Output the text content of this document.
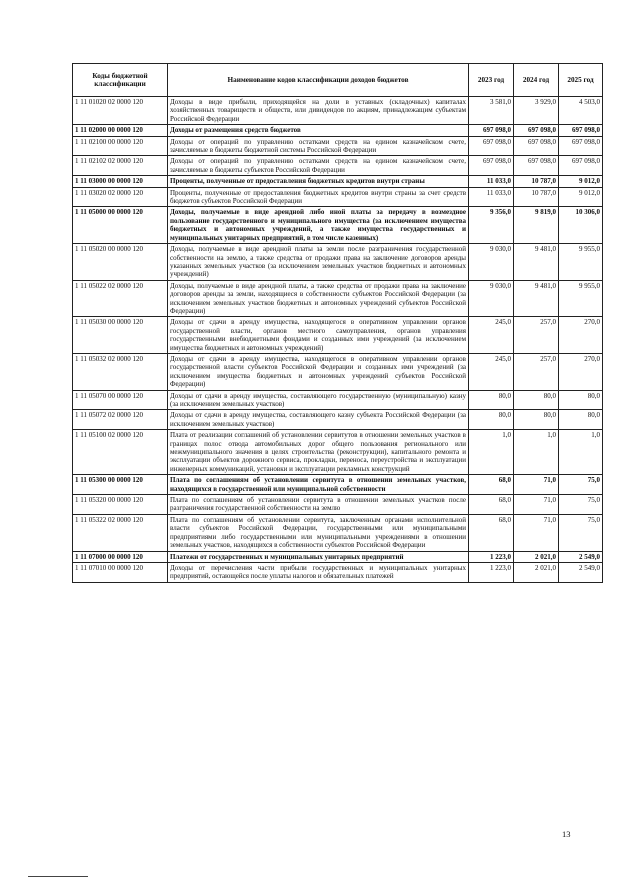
Коды бюджетной классификации	Наименование кодов классификации доходов бюджетов	2023 год	2024 год	2025 год
1 11 01020 02 0000 120	Доходы в виде прибыли, приходящейся на доли в уставных (складочных) капиталах хозяйственных товариществ и обществ, или дивидендов по акциям, принадлежащим субъектам Российской Федерации	3 581,0	3 929,0	4 503,0
1 11 02000 00 0000 120	Доходы от размещения средств бюджетов	697 098,0	697 098,0	697 098,0
1 11 02100 00 0000 120	Доходы от операций по управлению остатками средств на едином казначейском счете, зачисляемые в бюджеты бюджетной системы Российской Федерации	697 098,0	697 098,0	697 098,0
1 11 02102 02 0000 120	Доходы от операций по управлению остатками средств на едином казначейском счете, зачисляемые в бюджеты субъектов Российской Федерации	697 098,0	697 098,0	697 098,0
1 11 03000 00 0000 120	Проценты, полученные от предоставления бюджетных кредитов внутри страны	11 033,0	10 787,0	9 012,0
1 11 03020 02 0000 120	Проценты, полученные от предоставления бюджетных кредитов внутри страны за счет средств бюджетов субъектов Российской Федерации	11 033,0	10 787,0	9 012,0
1 11 05000 00 0000 120	Доходы, получаемые в виде арендной либо иной платы за передачу в возмездное пользование государственного и муниципального имущества (за исключением имущества бюджетных и автономных учреждений, а также имущества государственных и муниципальных унитарных предприятий, в том числе казенных)	9 356,0	9 819,0	10 306,0
1 11 05020 00 0000 120	Доходы, получаемые в виде арендной платы за земли после разграничения государственной собственности на землю, а также средства от продажи права на заключение договоров аренды указанных земельных участков (за исключением земельных участков бюджетных и автономных учреждений)	9 030,0	9 481,0	9 955,0
1 11 05022 02 0000 120	Доходы, получаемые в виде арендной платы, а также средства от продажи права на заключение договоров аренды за земли, находящиеся в собственности субъектов Российской Федерации (за исключением земельных участков бюджетных и автономных учреждений субъектов Российской Федерации)	9 030,0	9 481,0	9 955,0
1 11 05030 00 0000 120	Доходы от сдачи в аренду имущества, находящегося в оперативном управлении органов государственной власти, органов местного самоуправления, органов управления государственными внебюджетными фондами и созданных ими учреждений (за исключением имущества бюджетных и автономных учреждений)	245,0	257,0	270,0
1 11 05032 02 0000 120	Доходы от сдачи в аренду имущества, находящегося в оперативном управлении органов государственной власти субъектов Российской Федерации и созданных ими учреждений (за исключением имущества бюджетных и автономных учреждений субъектов Российской Федерации)	245,0	257,0	270,0
1 11 05070 00 0000 120	Доходы от сдачи в аренду имущества, составляющего государственную (муниципальную) казну (за исключением земельных участков)	80,0	80,0	80,0
1 11 05072 02 0000 120	Доходы от сдачи в аренду имущества, составляющего казну субъекта Российской Федерации (за исключением земельных участков)	80,0	80,0	80,0
1 11 05100 02 0000 120	Плата от реализации соглашений об установлении сервитутов в отношении земельных участков в границах полос отвода автомобильных дорог общего пользования регионального или межмуниципального значения в целях строительства (реконструкции), капитального ремонта и эксплуатации объектов дорожного сервиса, прокладки, переноса, переустройства и эксплуатации инженерных коммуникаций, установки и эксплуатации рекламных конструкций	1,0	1,0	1,0
1 11 05300 00 0000 120	Плата по соглашениям об установлении сервитута в отношении земельных участков, находящихся в государственной или муниципальной собственности	68,0	71,0	75,0
1 11 05320 00 0000 120	Плата по соглашениям об установлении сервитута в отношении земельных участков после разграничения государственной собственности на землю	68,0	71,0	75,0
1 11 05322 02 0000 120	Плата по соглашениям об установлении сервитута, заключенным органами исполнительной власти субъектов Российской Федерации, государственными или муниципальными предприятиями либо государственными или муниципальными учреждениями в отношении земельных участков, находящихся в собственности субъектов Российской Федерации	68,0	71,0	75,0
1 11 07000 00 0000 120	Платежи от государственных и муниципальных унитарных предприятий	1 223,0	2 021,0	2 549,0
1 11 07010 00 0000 120	Доходы от перечисления части прибыли государственных и муниципальных унитарных предприятий, остающейся после уплаты налогов и обязательных платежей	1 223,0	2 021,0	2 549,0
13
